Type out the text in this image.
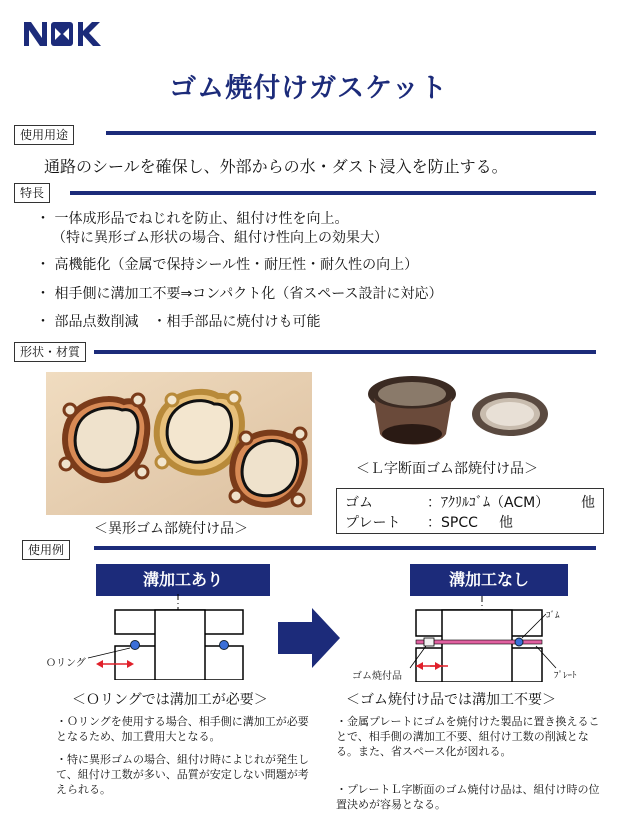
ゴム焼付けガスケット
使用用途
通路のシールを確保し、外部からの水・ダスト浸入を防止する。
特長
・ 一体成形品でねじれを防止、組付け性を向上。
（特に異形ゴム形状の場合、組付け性向上の効果大）
・ 高機能化（金属で保持シール性・耐圧性・耐久性の向上）
・ 相手側に溝加工不要⇒コンパクト化（省スペース設計に対応）
・ 部品点数削減　・相手部品に焼付けも可能
形状・材質
＜異形ゴム部焼付け品＞
＜Ｌ字断面ゴム部焼付け品＞
ゴム	：ｱｸﾘﾙｺﾞﾑ（ACM） 他
プレート ：SPCC 他
使用例
溝加工あり	溝加工なし
Ｏリング
ｺﾞﾑ
ゴム焼付品	ﾌﾟﾚｰﾄ
＜Ｏリングでは溝加工が必要＞	＜ゴム焼付け品では溝加工不要＞
・Ｏリングを使用する場合、相手側に溝加工が必要となるため、加工費用大となる。
・特に異形ゴムの場合、組付け時によじれが発生して、組付け工数が多い、品質が安定しない問題が考えられる。
・金属プレートにゴムを焼付けた製品に置き換えることで、相手側の溝加工不要、組付け工数の削減となる。また、省スペース化が図れる。
・プレートＬ字断面のゴム焼付け品は、組付け時の位置決めが容易となる。
